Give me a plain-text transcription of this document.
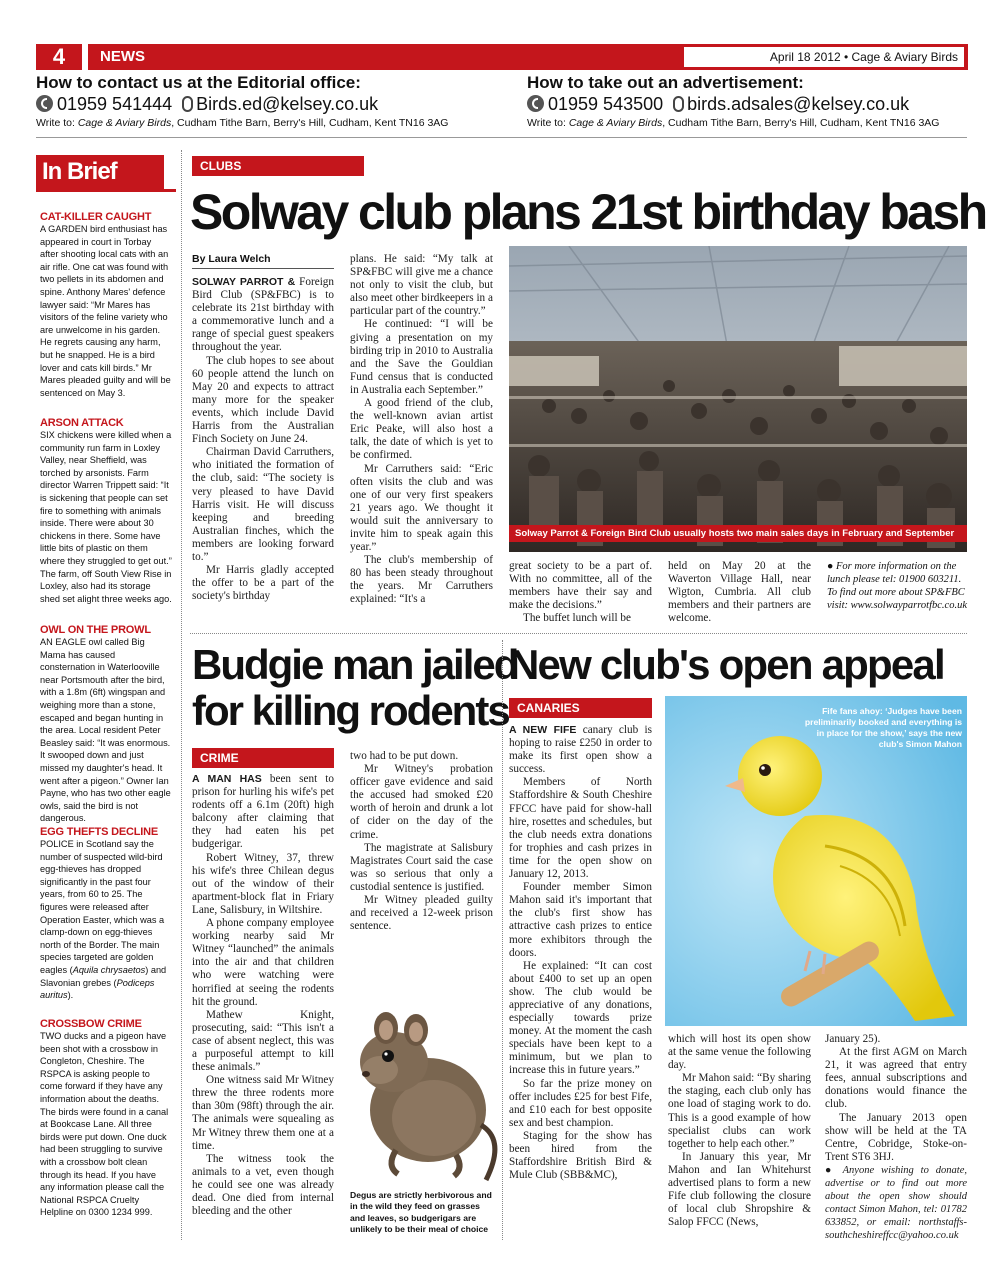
4	NEWS	April 18 2012 • Cage & Aviary Birds
How to contact us at the Editorial office:
01959 541444 Birds.ed@kelsey.co.uk
Write to: Cage & Aviary Birds, Cudham Tithe Barn, Berry's Hill, Cudham, Kent TN16 3AG
How to take out an advertisement:
01959 543500 birds.adsales@kelsey.co.uk
Write to: Cage & Aviary Birds, Cudham Tithe Barn, Berry's Hill, Cudham, Kent TN16 3AG
In Brief
CAT-KILLER CAUGHT

A GARDEN bird enthusiast has appeared in court in Torbay after shooting local cats with an air rifle. One cat was found with two pellets in its abdomen and spine. Anthony Mares' defence lawyer said: “Mr Mares has visitors of the feline variety who are unwelcome in his garden. He regrets causing any harm, but he snapped. He is a bird lover and cats kill birds.” Mr Mares pleaded guilty and will be sentenced on May 3.

ARSON ATTACK

SIX chickens were killed when a community run farm in Loxley Valley, near Sheffield, was torched by arsonists. Farm director Warren Trippett said: “It is sickening that people can set fire to something with animals inside. There were about 30 chickens in there. Some have little bits of plastic on them where they struggled to get out.” The farm, off South View Rise in Loxley, also had its storage shed set alight three weeks ago.

OWL ON THE PROWL

AN EAGLE owl called Big Mama has caused consternation in Waterlooville near Portsmouth after the bird, with a 1.8m (6ft) wingspan and weighing more than a stone, escaped and began hunting in the area. Local resident Peter Beasley said: “It was enormous. It swooped down and just missed my daughter's head. It went after a pigeon.” Owner Ian Payne, who has two other eagle owls, said the bird is not dangerous.

EGG THEFTS DECLINE

POLICE in Scotland say the number of suspected wild-bird egg-thieves has dropped significantly in the past four years, from 60 to 25. The figures were released after Operation Easter, which was a clamp-down on egg-thieves north of the Border. The main species targeted are golden eagles (Aquila chrysaetos) and Slavonian grebes (Podiceps auritus).

CROSSBOW CRIME

TWO ducks and a pigeon have been shot with a crossbow in Congleton, Cheshire. The RSPCA is asking people to come forward if they have any information about the deaths. The birds were found in a canal at Bookcase Lane. All three birds were put down. One duck had been struggling to survive with a crossbow bolt clean through its head. If you have any information please call the National RSPCA Cruelty Helpline on 0300 1234 999.

CLUBS
Solway club plans 21st birthday bash
By Laura Welch

SOLWAY PARROT & Foreign Bird Club (SP&FBC) is to celebrate its 21st birthday with a commemorative lunch and a range of special guest speakers throughout the year.

The club hopes to see about 60 people attend the lunch on May 20 and expects to attract many more for the speaker events, which include David Harris from the Australian Finch Society on June 24.

Chairman David Carruthers, who initiated the formation of the club, said: “The society is very pleased to have David Harris visit. He will discuss keeping and breeding Australian finches, which the members are looking forward to.”

Mr Harris gladly accepted the offer to be a part of the society's birthday

plans. He said: “My talk at SP&FBC will give me a chance not only to visit the club, but also meet other birdkeepers in a particular part of the country.”

He continued: “I will be giving a presentation on my birding trip in 2010 to Australia and the Save the Gouldian Fund census that is conducted in Australia each September.”

A good friend of the club, the well-known avian artist Eric Peake, will also host a talk, the date of which is yet to be confirmed.

Mr Carruthers said: “Eric often visits the club and was one of our very first speakers 21 years ago. We thought it would suit the anniversary to invite him to speak again this year.”

The club's membership of 80 has been steady throughout the years. Mr Carruthers explained: “It's a

Solway Parrot & Foreign Bird Club usually hosts two main sales days in February and September

great society to be a part of. With no committee, all of the members have their say and make the decisions.”

The buffet lunch will be

held on May 20 at the Waverton Village Hall, near Wigton, Cumbria. All club members and their partners are welcome.

● For more information on the lunch please tel: 01900 603211. To find out more about SP&FBC visit: www.solwayparrotfbc.co.uk
Budgie man jailed
for killing rodents
CRIME

A MAN HAS been sent to prison for hurling his wife's pet rodents off a 6.1m (20ft) high balcony after claiming that they had eaten his pet budgerigar.

Robert Witney, 37, threw his wife's three Chilean degus out of the window of their apartment-block flat in Friary Lane, Salisbury, in Wiltshire.

A phone company employee working nearby said Mr Witney “launched” the animals into the air and that children who were watching were horrified at seeing the rodents hit the ground.

Mathew Knight, prosecuting, said: “This isn't a case of absent neglect, this was a purposeful attempt to kill these animals.”

One witness said Mr Witney threw the three rodents more than 30m (98ft) through the air. The animals were squealing as Mr Witney threw them one at a time.

The witness took the animals to a vet, even though he could see one was already dead. One died from internal bleeding and the other

two had to be put down.

Mr Witney's probation officer gave evidence and said the accused had smoked £20 worth of heroin and drunk a lot of cider on the day of the crime.

The magistrate at Salisbury Magistrates Court said the case was so serious that only a custodial sentence is justified.

Mr Witney pleaded guilty and received a 12-week prison sentence.

Degus are strictly herbivorous and in the wild they feed on grasses and leaves, so budgerigars are unlikely to be their meal of choice
New club's open appeal
CANARIES

A NEW FIFE canary club is hoping to raise £250 in order to make its first open show a success.

Members of North Staffordshire & South Cheshire FFCC have paid for show-hall hire, rosettes and schedules, but the club needs extra donations for trophies and cash prizes in time for the open show on January 12, 2013.

Founder member Simon Mahon said it's important that the club's first show has attractive cash prizes to entice more exhibitors through the doors.

He explained: “It can cost about £400 to set up an open show. The club would be appreciative of any donations, especially towards prize money. At the moment the cash specials have been kept to a minimum, but we plan to increase this in future years.”

So far the prize money on offer includes £25 for best Fife, and £10 each for best opposite sex and best champion.

Staging for the show has been hired from the Staffordshire British Bird & Mule Club (SBB&MC),

Fife fans ahoy: ‘Judges have been preliminarily booked and everything is in place for the show,’ says the new club's Simon Mahon

which will host its open show at the same venue the following day.

Mr Mahon said: “By sharing the staging, each club only has one load of staging work to do. This is a good example of how specialist clubs can work together to help each other.”

In January this year, Mr Mahon and Ian Whitehurst advertised plans to form a new Fife club following the closure of local club Shropshire & Salop FFCC (News,

January 25).

At the first AGM on March 21, it was agreed that entry fees, annual subscriptions and donations would finance the club.

The January 2013 open show will be held at the TA Centre, Cobridge, Stoke-on-Trent ST6 3HJ.

● Anyone wishing to donate, advertise or to find out more about the open show should contact Simon Mahon, tel: 01782 633852, or email: northstaffs-southcheshireffcc@yahoo.co.uk
